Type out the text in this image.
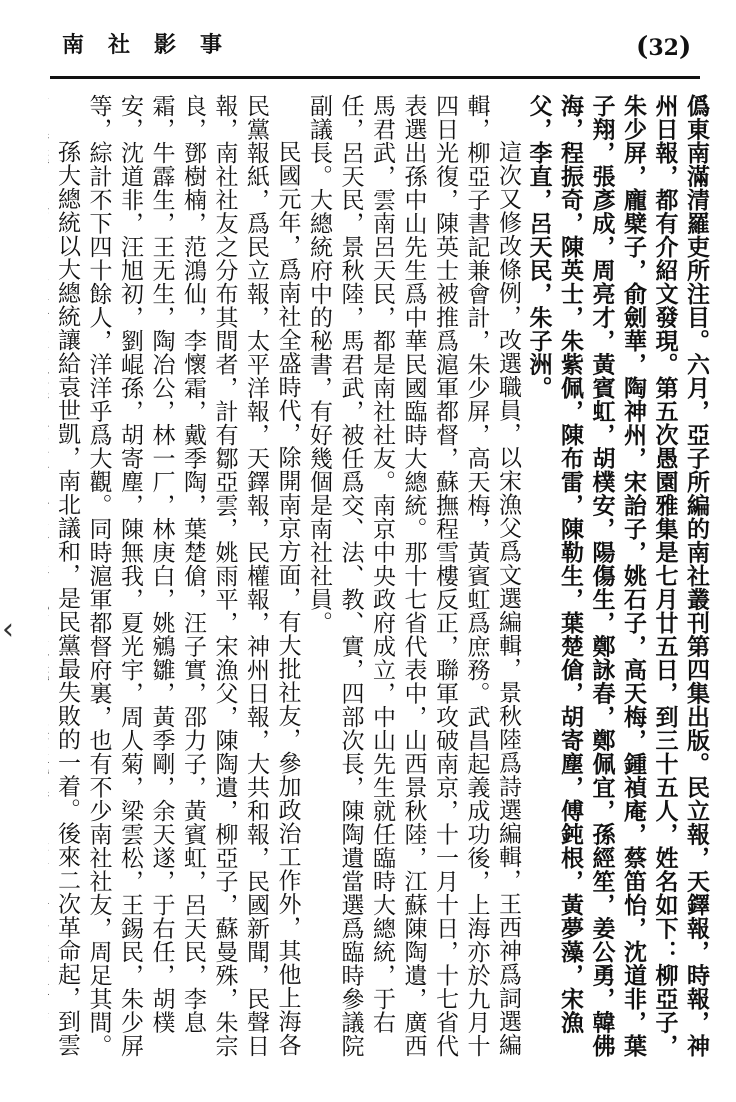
南社影事	(32)

僞東南滿清羅吏所注目。六月，亞子所編的南社叢刊第四集出版。民立報，天鐸報，時報，神州日報，都有介紹文發現。第五次愚園雅集是七月廿五日，到三十五人，姓名如下：柳亞子，朱少屏，龐檗子，俞劍華，陶神州，宋詒子，姚石子，高天梅，鍾禎庵，蔡笛怡，沈道非，葉子翔，張彥成，周亮才，黃賓虹，胡樸安，陽傷生，鄭詠春，鄭佩宜，孫經笙，姜公勇，韓佛海，程振奇，陳英士，朱紫佩，陳布雷，陳勒生，葉楚傖，胡寄塵，傅鈍根，黃夢藻，宋漁父，李直，呂天民，朱子洲。

這次又修改條例，改選職員，以宋漁父爲文選編輯，景秋陸爲詩選編輯，王西神爲詞選編輯，柳亞子書記兼會計，朱少屏，高天梅，黃賓虹爲庶務。武昌起義成功後，上海亦於九月十四日光復，陳英士被推爲滬軍都督，蘇撫程雪樓反正，聯軍攻破南京，十一月十日，十七省代表選出孫中山先生爲中華民國臨時大總統。那十七省代表中，山西景秋陸，江蘇陳陶遺，廣西馬君武，雲南呂天民，都是南社社友。南京中央政府成立，中山先生就任臨時大總統，于右任，呂天民，景秋陸，馬君武，被任爲交、法、教、實，四部次長，陳陶遺當選爲臨時參議院副議長。大總統府中的秘書，有好幾個是南社社員。

民國元年，爲南社全盛時代，除開南京方面，有大批社友，參加政治工作外，其他上海各民黨報紙，爲民立報，太平洋報，天鐸報，民權報，神州日報，大共和報，民國新聞，民聲日報，南社社友之分布其間者，計有鄒亞雲，姚雨平，宋漁父，陳陶遺，柳亞子，蘇曼殊，朱宗良，鄧樹楠，范鴻仙，李懷霜，戴季陶，葉楚傖，汪子實，邵力子，黃賓虹，呂天民，李息霜，牛霹生，王无生，陶冶公，林一厂，林庚白，姚鵷雛，黃季剛，余天遂，于右任，胡樸安，沈道非，汪旭初，劉崐孫，胡寄塵，陳無我，夏光宇，周人菊，梁雲松，王錫民，朱少屏等，綜計不下四十餘人，洋洋乎爲大觀。同時滬軍都督府裏，也有不少南社社友，周足其間。

孫大總統以大總統讓給袁世凱，南北議和，是民黨最失敗的一着。後來二次革命起，到雲

‹
